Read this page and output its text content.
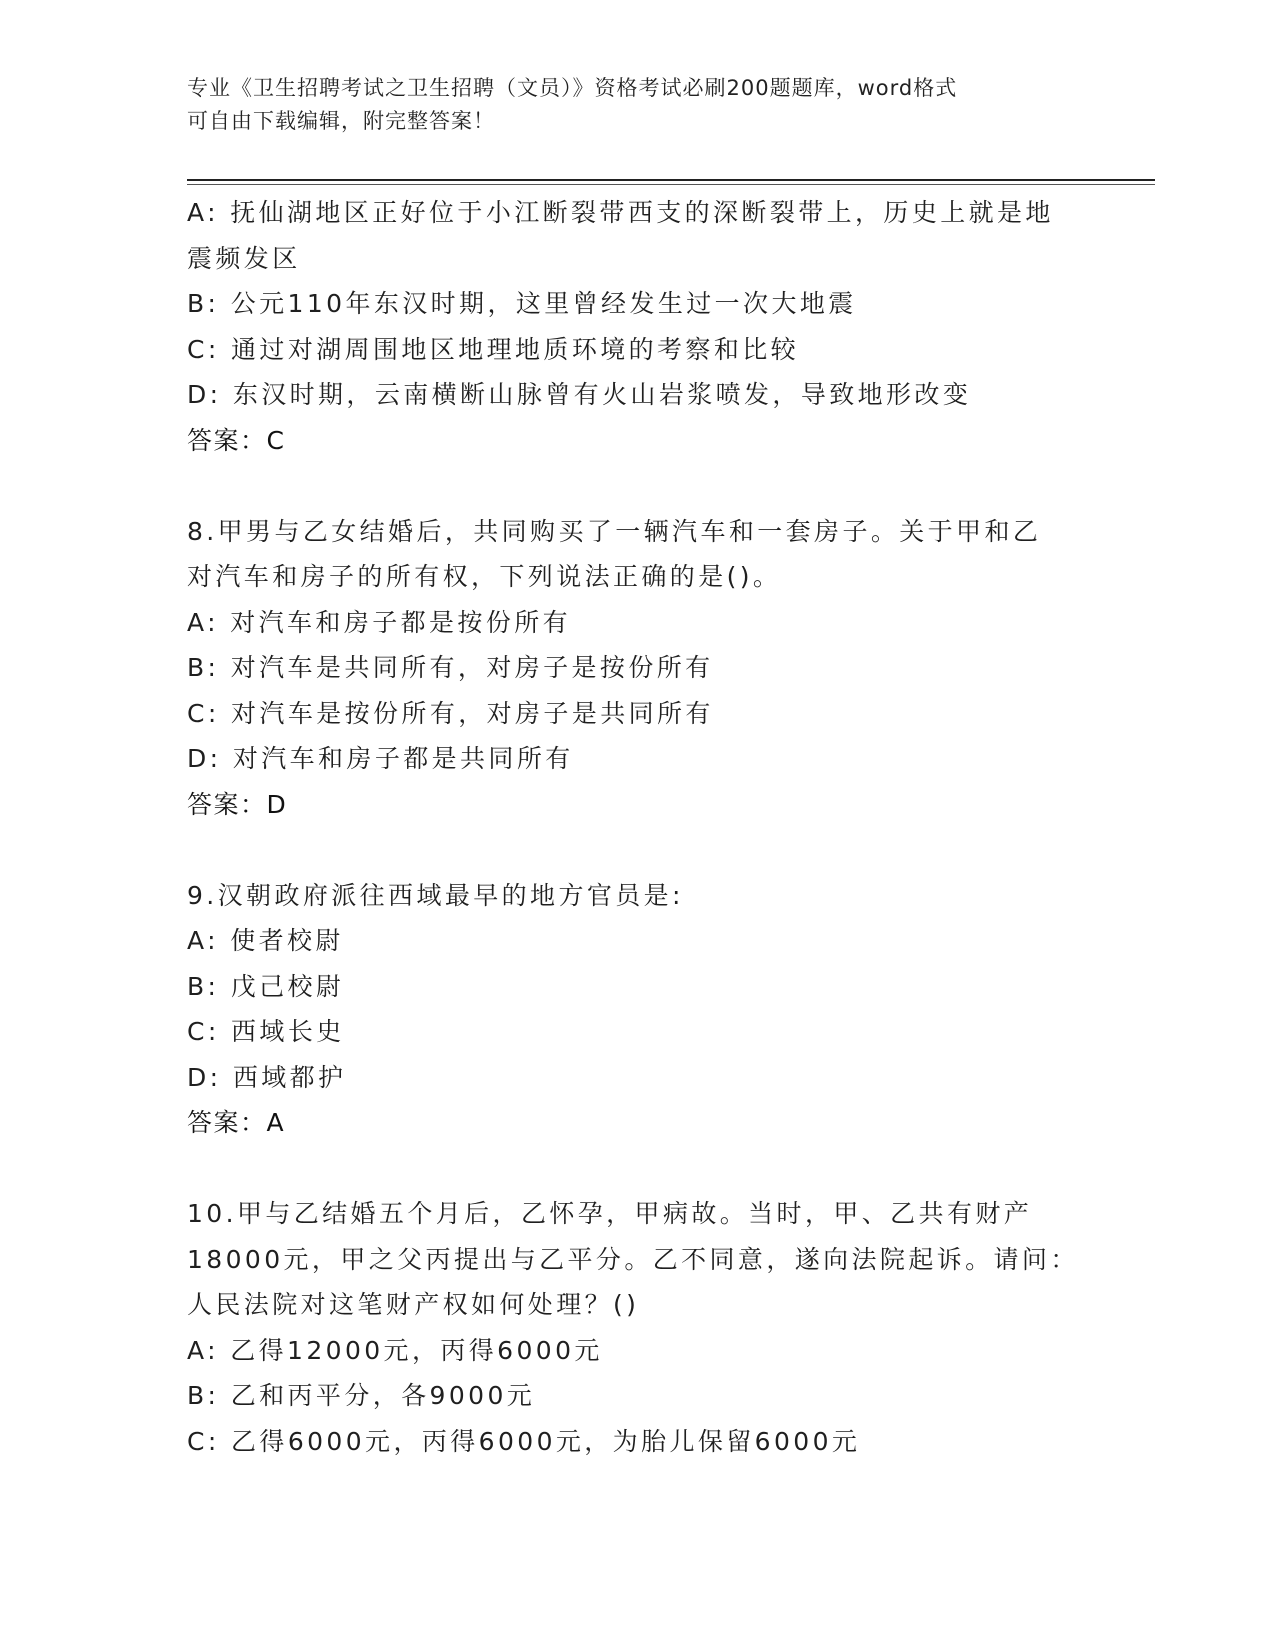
专业《卫生招聘考试之卫生招聘（文员）》资格考试必刷200题题库，word格式
可自由下载编辑，附完整答案！
A: 抚仙湖地区正好位于小江断裂带西支的深断裂带上，历史上就是地
震频发区
B: 公元110年东汉时期，这里曾经发生过一次大地震
C: 通过对湖周围地区地理地质环境的考察和比较
D: 东汉时期，云南横断山脉曾有火山岩浆喷发，导致地形改变
答案：C
8.甲男与乙女结婚后，共同购买了一辆汽车和一套房子。关于甲和乙
对汽车和房子的所有权，下列说法正确的是()。
A: 对汽车和房子都是按份所有
B: 对汽车是共同所有，对房子是按份所有
C: 对汽车是按份所有，对房子是共同所有
D: 对汽车和房子都是共同所有
答案：D
9.汉朝政府派往西域最早的地方官员是:
A: 使者校尉
B: 戊己校尉
C: 西域长史
D: 西域都护
答案：A
10.甲与乙结婚五个月后，乙怀孕，甲病故。当时，甲、乙共有财产
18000元，甲之父丙提出与乙平分。乙不同意，遂向法院起诉。请问：
人民法院对这笔财产权如何处理？()
A: 乙得12000元，丙得6000元
B: 乙和丙平分，各9000元
C: 乙得6000元，丙得6000元，为胎儿保留6000元
